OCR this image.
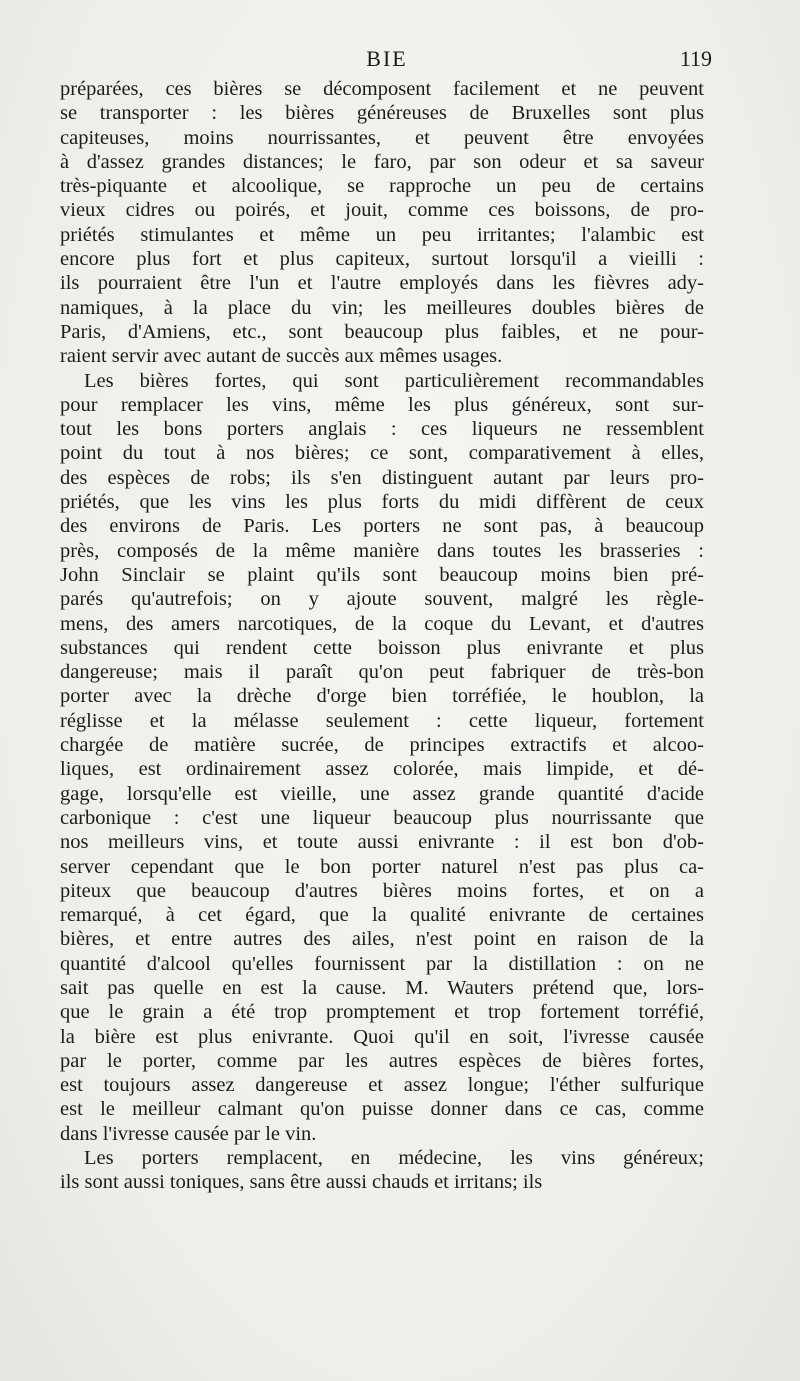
BIE	119
préparées, ces bières se décomposent facilement et ne peuvent
se transporter : les bières généreuses de Bruxelles sont plus
capiteuses, moins nourrissantes, et peuvent être envoyées
à d'assez grandes distances; le faro, par son odeur et sa saveur
très-piquante et alcoolique, se rapproche un peu de certains
vieux cidres ou poirés, et jouit, comme ces boissons, de pro-
priétés stimulantes et même un peu irritantes; l'alambic est
encore plus fort et plus capiteux, surtout lorsqu'il a vieilli :
ils pourraient être l'un et l'autre employés dans les fièvres ady-
namiques, à la place du vin; les meilleures doubles bières de
Paris, d'Amiens, etc., sont beaucoup plus faibles, et ne pour-
raient servir avec autant de succès aux mêmes usages.
Les bières fortes, qui sont particulièrement recommandables
pour remplacer les vins, même les plus généreux, sont sur-
tout les bons porters anglais : ces liqueurs ne ressemblent
point du tout à nos bières; ce sont, comparativement à elles,
des espèces de robs; ils s'en distinguent autant par leurs pro-
priétés, que les vins les plus forts du midi diffèrent de ceux
des environs de Paris. Les porters ne sont pas, à beaucoup
près, composés de la même manière dans toutes les brasseries :
John Sinclair se plaint qu'ils sont beaucoup moins bien pré-
parés qu'autrefois; on y ajoute souvent, malgré les règle-
mens, des amers narcotiques, de la coque du Levant, et d'autres
substances qui rendent cette boisson plus enivrante et plus
dangereuse; mais il paraît qu'on peut fabriquer de très-bon
porter avec la drèche d'orge bien torréfiée, le houblon, la
réglisse et la mélasse seulement : cette liqueur, fortement
chargée de matière sucrée, de principes extractifs et alcoo-
liques, est ordinairement assez colorée, mais limpide, et dé-
gage, lorsqu'elle est vieille, une assez grande quantité d'acide
carbonique : c'est une liqueur beaucoup plus nourrissante que
nos meilleurs vins, et toute aussi enivrante : il est bon d'ob-
server cependant que le bon porter naturel n'est pas plus ca-
piteux que beaucoup d'autres bières moins fortes, et on a
remarqué, à cet égard, que la qualité enivrante de certaines
bières, et entre autres des ailes, n'est point en raison de la
quantité d'alcool qu'elles fournissent par la distillation : on ne
sait pas quelle en est la cause. M. Wauters prétend que, lors-
que le grain a été trop promptement et trop fortement torréfié,
la bière est plus enivrante. Quoi qu'il en soit, l'ivresse causée
par le porter, comme par les autres espèces de bières fortes,
est toujours assez dangereuse et assez longue; l'éther sulfurique
est le meilleur calmant qu'on puisse donner dans ce cas, comme
dans l'ivresse causée par le vin.
Les porters remplacent, en médecine, les vins généreux;
ils sont aussi toniques, sans être aussi chauds et irritans; ils
